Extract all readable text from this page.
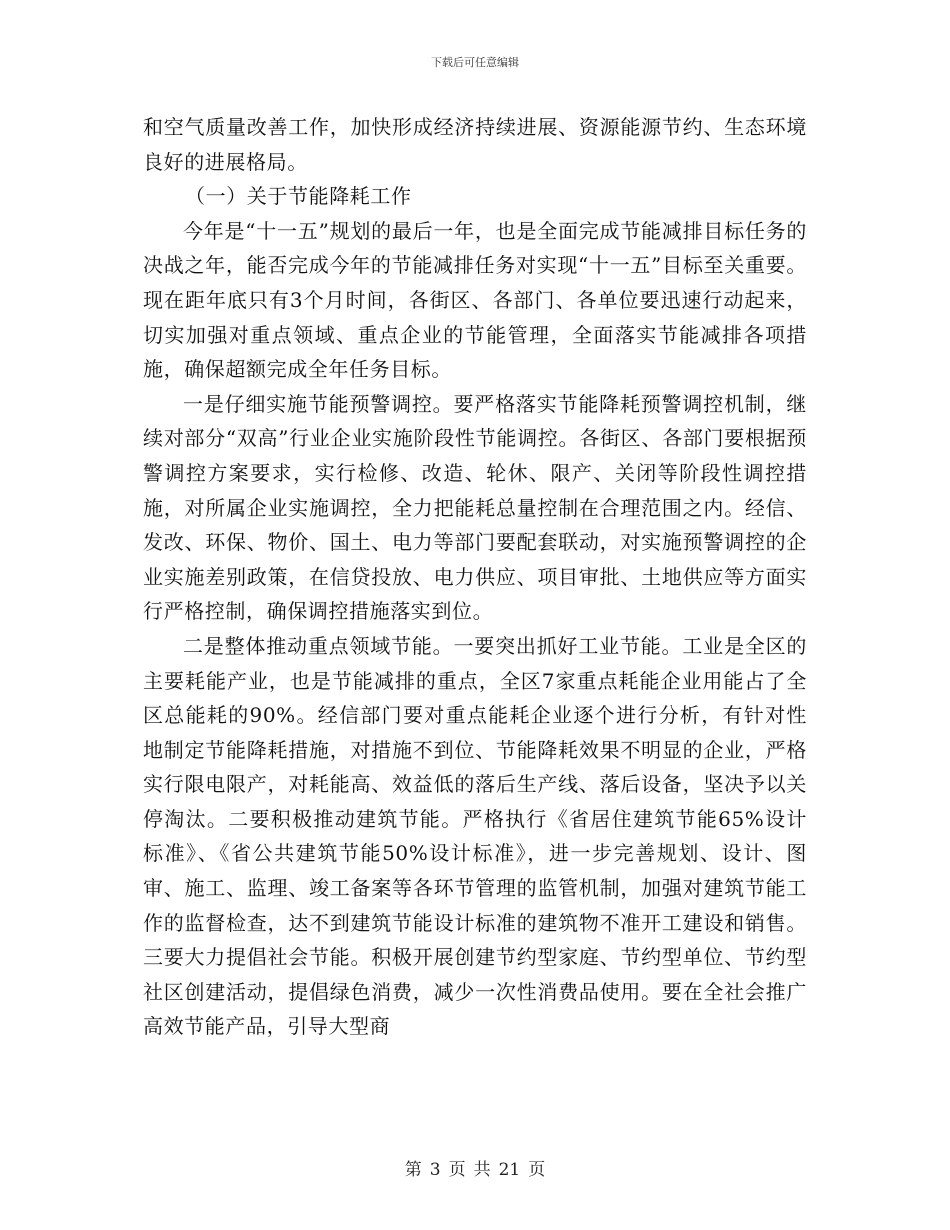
下载后可任意编辑

和空气质量改善工作，加快形成经济持续进展、资源能源节约、生态环境良好的进展格局。

（一）关于节能降耗工作

今年是“十一五”规划的最后一年，也是全面完成节能减排目标任务的决战之年，能否完成今年的节能减排任务对实现“十一五”目标至关重要。现在距年底只有3个月时间，各街区、各部门、各单位要迅速行动起来，切实加强对重点领域、重点企业的节能管理，全面落实节能减排各项措施，确保超额完成全年任务目标。

一是仔细实施节能预警调控。要严格落实节能降耗预警调控机制，继续对部分“双高”行业企业实施阶段性节能调控。各街区、各部门要根据预警调控方案要求，实行检修、改造、轮休、限产、关闭等阶段性调控措施，对所属企业实施调控，全力把能耗总量控制在合理范围之内。经信、发改、环保、物价、国土、电力等部门要配套联动，对实施预警调控的企业实施差别政策，在信贷投放、电力供应、项目审批、土地供应等方面实行严格控制，确保调控措施落实到位。

二是整体推动重点领域节能。一要突出抓好工业节能。工业是全区的主要耗能产业，也是节能减排的重点，全区7家重点耗能企业用能占了全区总能耗的90%。经信部门要对重点能耗企业逐个进行分析，有针对性地制定节能降耗措施，对措施不到位、节能降耗效果不明显的企业，严格实行限电限产，对耗能高、效益低的落后生产线、落后设备，坚决予以关停淘汰。二要积极推动建筑节能。严格执行《省居住建筑节能65%设计标准》、《省公共建筑节能50%设计标准》，进一步完善规划、设计、图审、施工、监理、竣工备案等各环节管理的监管机制，加强对建筑节能工作的监督检查，达不到建筑节能设计标准的建筑物不准开工建设和销售。三要大力提倡社会节能。积极开展创建节约型家庭、节约型单位、节约型社区创建活动，提倡绿色消费，减少一次性消费品使用。要在全社会推广高效节能产品，引导大型商

第 3 页 共 21 页
